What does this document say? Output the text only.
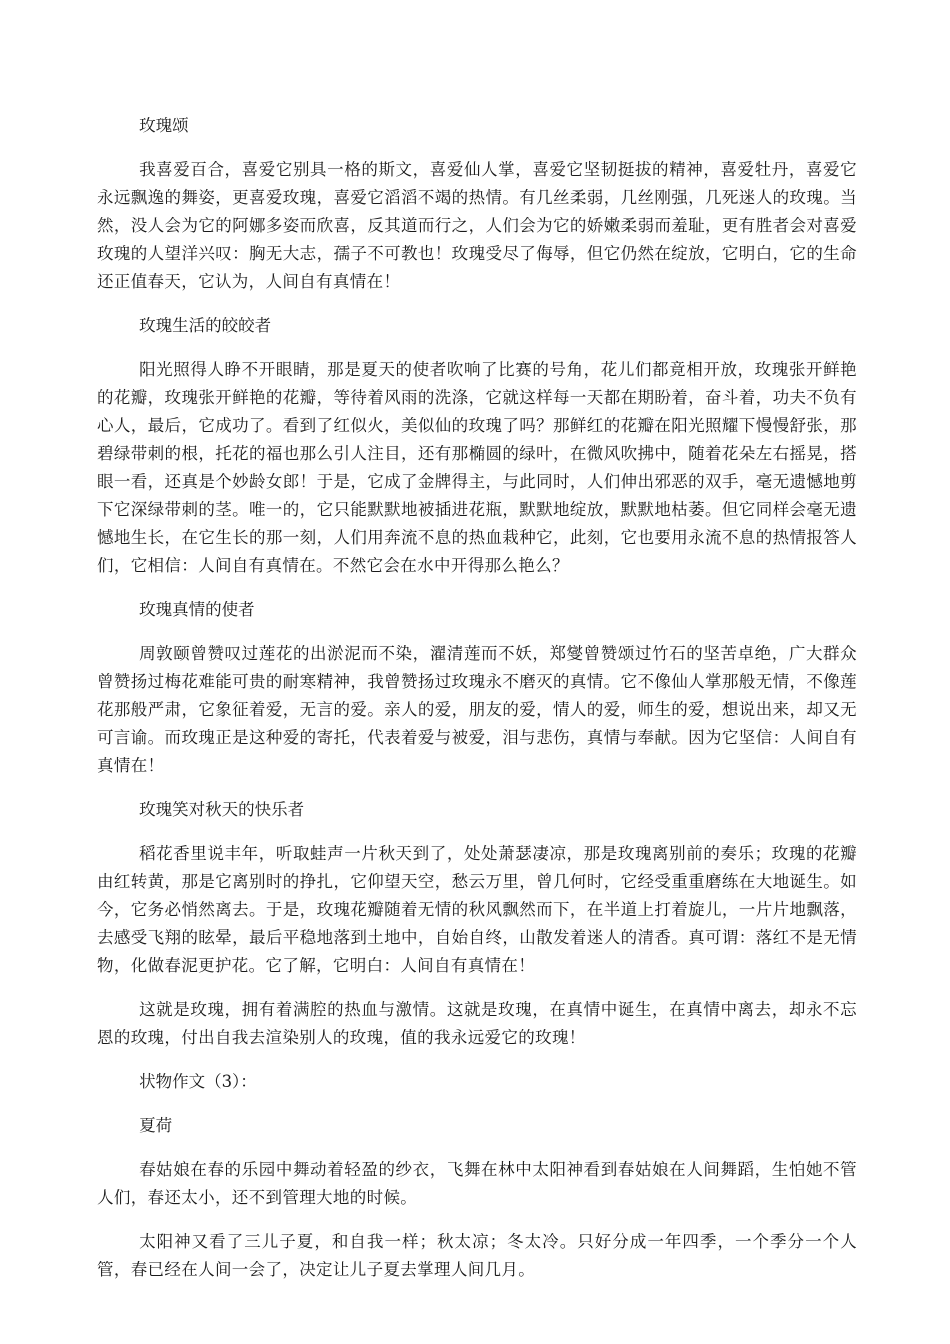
玫瑰颂

我喜爱百合，喜爱它别具一格的斯文，喜爱仙人掌，喜爱它坚韧挺拔的精神，喜爱牡丹，喜爱它永远飘逸的舞姿，更喜爱玫瑰，喜爱它滔滔不竭的热情。有几丝柔弱，几丝刚强，几死迷人的玫瑰。当然，没人会为它的阿娜多姿而欣喜，反其道而行之，人们会为它的娇嫩柔弱而羞耻，更有胜者会对喜爱玫瑰的人望洋兴叹：胸无大志，孺子不可教也！玫瑰受尽了侮辱，但它仍然在绽放，它明白，它的生命还正值春天，它认为，人间自有真情在！

玫瑰生活的皎皎者

阳光照得人睁不开眼睛，那是夏天的使者吹响了比赛的号角，花儿们都竟相开放，玫瑰张开鲜艳的花瓣，玫瑰张开鲜艳的花瓣，等待着风雨的洗涤，它就这样每一天都在期盼着，奋斗着，功夫不负有心人，最后，它成功了。看到了红似火，美似仙的玫瑰了吗？那鲜红的花瓣在阳光照耀下慢慢舒张，那碧绿带刺的根，托花的福也那么引人注目，还有那椭圆的绿叶，在微风吹拂中，随着花朵左右摇晃，搭眼一看，还真是个妙龄女郎！于是，它成了金牌得主，与此同时，人们伸出邪恶的双手，毫无遗憾地剪下它深绿带刺的茎。唯一的，它只能默默地被插进花瓶，默默地绽放，默默地枯萎。但它同样会毫无遗憾地生长，在它生长的那一刻，人们用奔流不息的热血栽种它，此刻，它也要用永流不息的热情报答人们，它相信：人间自有真情在。不然它会在水中开得那么艳么？

玫瑰真情的使者

周敦颐曾赞叹过莲花的出淤泥而不染，濯清莲而不妖，郑燮曾赞颂过竹石的坚苦卓绝，广大群众曾赞扬过梅花难能可贵的耐寒精神，我曾赞扬过玫瑰永不磨灭的真情。它不像仙人掌那般无情，不像莲花那般严肃，它象征着爱，无言的爱。亲人的爱，朋友的爱，情人的爱，师生的爱，想说出来，却又无可言谕。而玫瑰正是这种爱的寄托，代表着爱与被爱，泪与悲伤，真情与奉献。因为它坚信：人间自有真情在！

玫瑰笑对秋天的快乐者

稻花香里说丰年，听取蛙声一片秋天到了，处处萧瑟凄凉，那是玫瑰离别前的奏乐；玫瑰的花瓣由红转黄，那是它离别时的挣扎，它仰望天空，愁云万里，曾几何时，它经受重重磨练在大地诞生。如今，它务必悄然离去。于是，玫瑰花瓣随着无情的秋风飘然而下，在半道上打着旋儿，一片片地飘落，去感受飞翔的眩晕，最后平稳地落到土地中，自始自终，山散发着迷人的清香。真可谓：落红不是无情物，化做春泥更护花。它了解，它明白：人间自有真情在！

这就是玫瑰，拥有着满腔的热血与激情。这就是玫瑰，在真情中诞生，在真情中离去，却永不忘恩的玫瑰，付出自我去渲染别人的玫瑰，值的我永远爱它的玫瑰！

状物作文（3）：

夏荷

春姑娘在春的乐园中舞动着轻盈的纱衣，飞舞在林中太阳神看到春姑娘在人间舞蹈，生怕她不管人们，春还太小，还不到管理大地的时候。

太阳神又看了三儿子夏，和自我一样；秋太凉；冬太冷。只好分成一年四季，一个季分一个人管，春已经在人间一会了，决定让儿子夏去掌理人间几月。
